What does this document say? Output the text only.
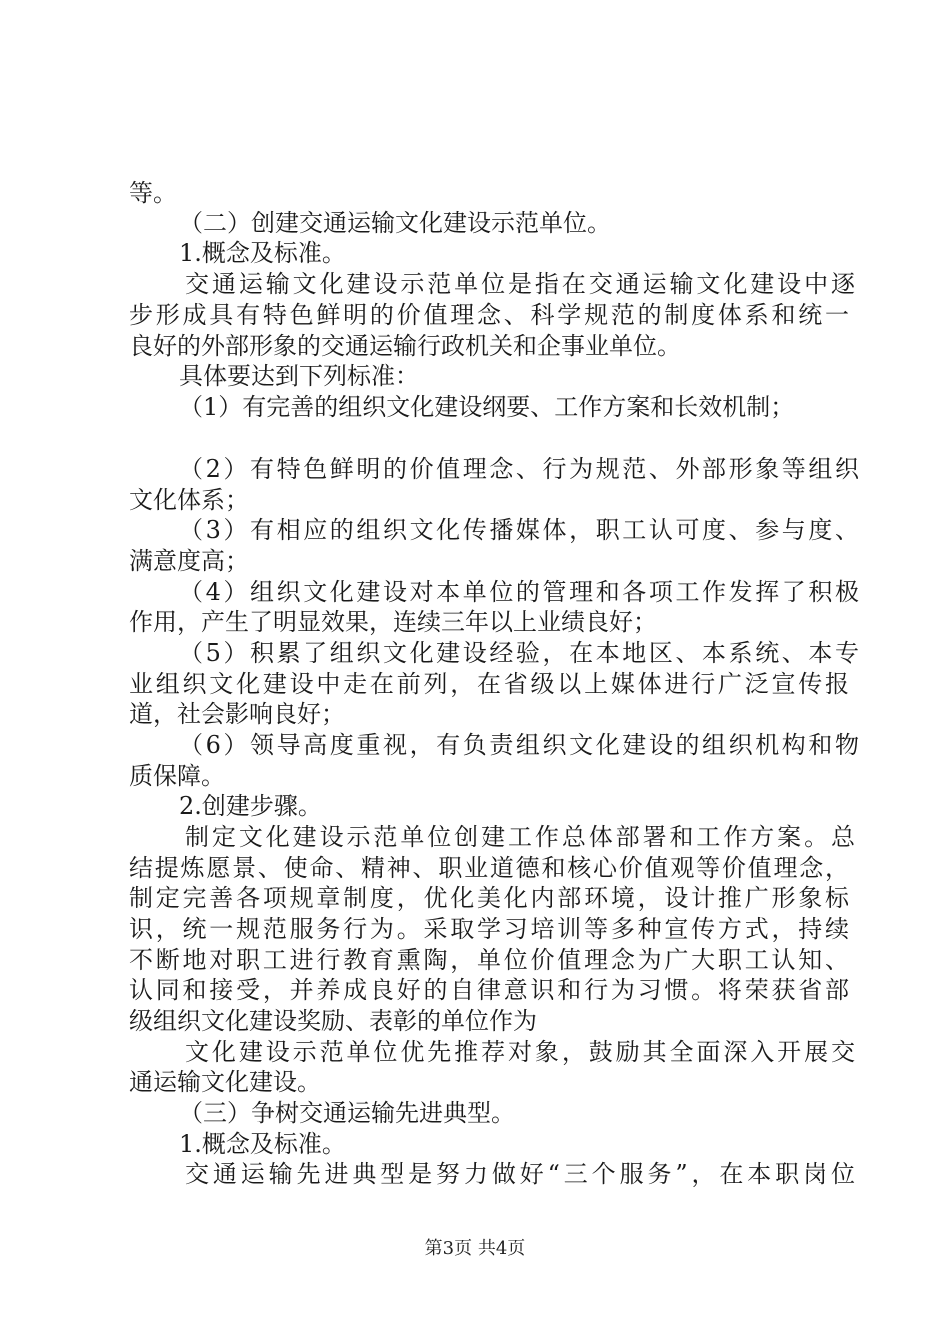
等。
（二）创建交通运输文化建设示范单位。
1.概念及标准。
交通运输文化建设示范单位是指在交通运输文化建设中逐
步形成具有特色鲜明的价值理念、科学规范的制度体系和统一
良好的外部形象的交通运输行政机关和企事业单位。
具体要达到下列标准：
（1）有完善的组织文化建设纲要、工作方案和长效机制；
（2）有特色鲜明的价值理念、行为规范、外部形象等组织
文化体系；
（3）有相应的组织文化传播媒体，职工认可度、参与度、
满意度高；
（4）组织文化建设对本单位的管理和各项工作发挥了积极
作用，产生了明显效果，连续三年以上业绩良好；
（5）积累了组织文化建设经验，在本地区、本系统、本专
业组织文化建设中走在前列，在省级以上媒体进行广泛宣传报
道，社会影响良好；
（6）领导高度重视，有负责组织文化建设的组织机构和物
质保障。
2.创建步骤。
制定文化建设示范单位创建工作总体部署和工作方案。总
结提炼愿景、使命、精神、职业道德和核心价值观等价值理念，
制定完善各项规章制度，优化美化内部环境，设计推广形象标
识，统一规范服务行为。采取学习培训等多种宣传方式，持续
不断地对职工进行教育熏陶，单位价值理念为广大职工认知、
认同和接受，并养成良好的自律意识和行为习惯。将荣获省部
级组织文化建设奖励、表彰的单位作为
文化建设示范单位优先推荐对象，鼓励其全面深入开展交
通运输文化建设。
（三）争树交通运输先进典型。
1.概念及标准。
交通运输先进典型是努力做好“三个服务”，在本职岗位
第3页 共4页
